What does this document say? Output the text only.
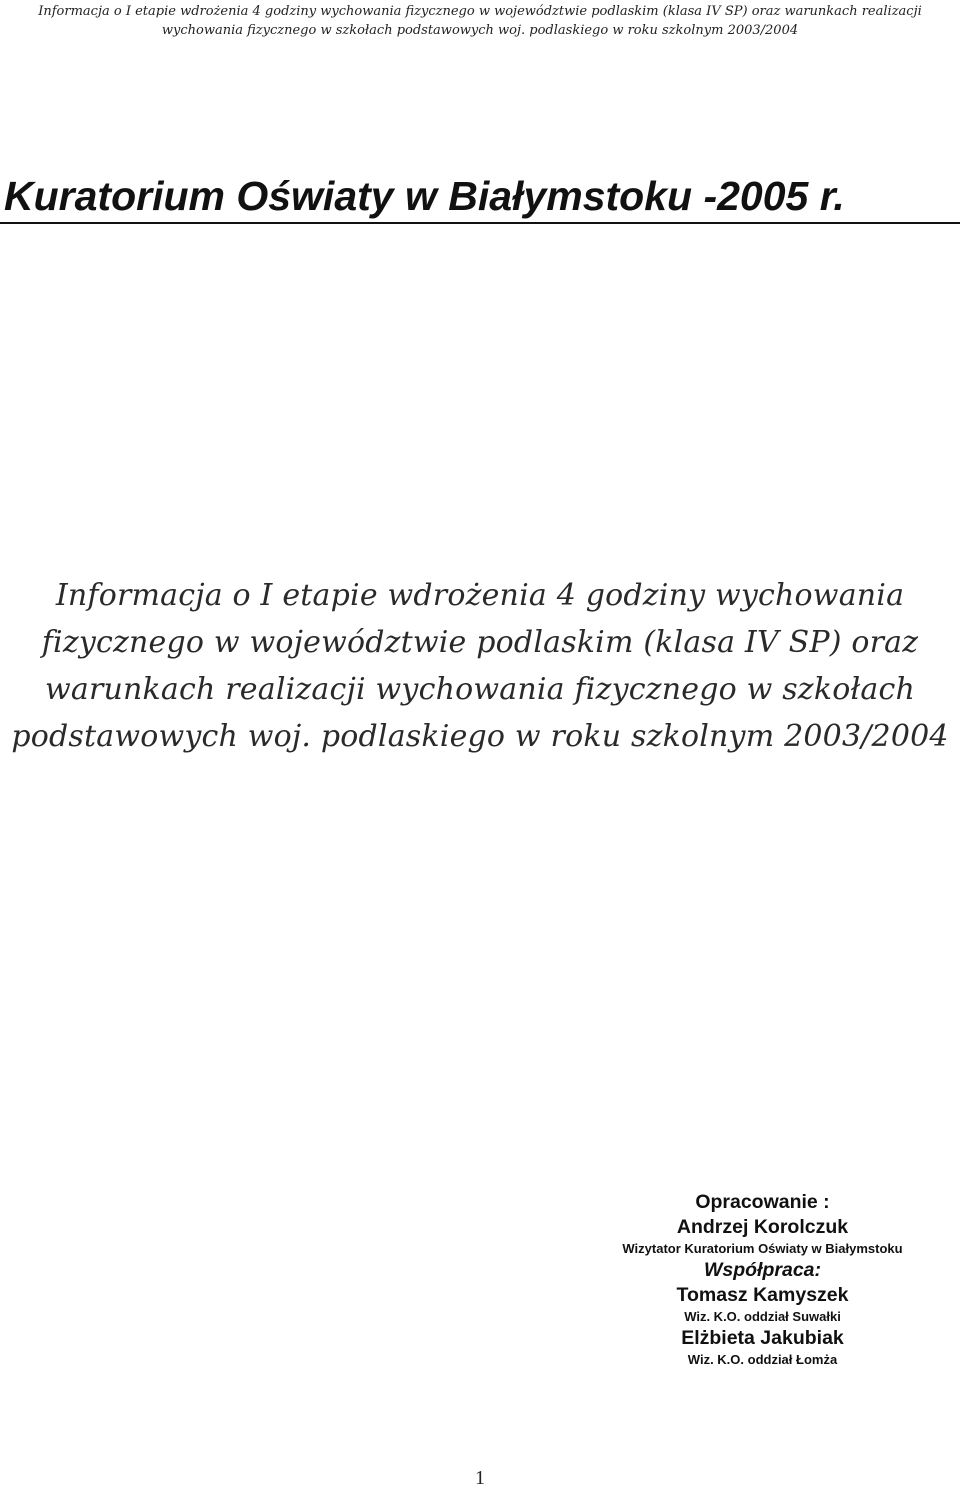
Informacja o I etapie wdrożenia 4 godziny wychowania fizycznego w województwie podlaskim (klasa IV SP) oraz warunkach realizacji wychowania fizycznego w szkołach podstawowych woj. podlaskiego w roku szkolnym 2003/2004
Kuratorium Oświaty w Białymstoku -2005 r.
Informacja o I etapie wdrożenia 4 godziny wychowania
fizycznego w województwie podlaskim (klasa IV SP) oraz
warunkach realizacji wychowania fizycznego w szkołach
podstawowych woj. podlaskiego w roku szkolnym 2003/2004
Opracowanie :
Andrzej Korolczuk
Wizytator Kuratorium Oświaty w Białymstoku
Współpraca:
Tomasz Kamyszek
Wiz. K.O. oddział Suwałki
Elżbieta Jakubiak
Wiz. K.O. oddział Łomża
1
